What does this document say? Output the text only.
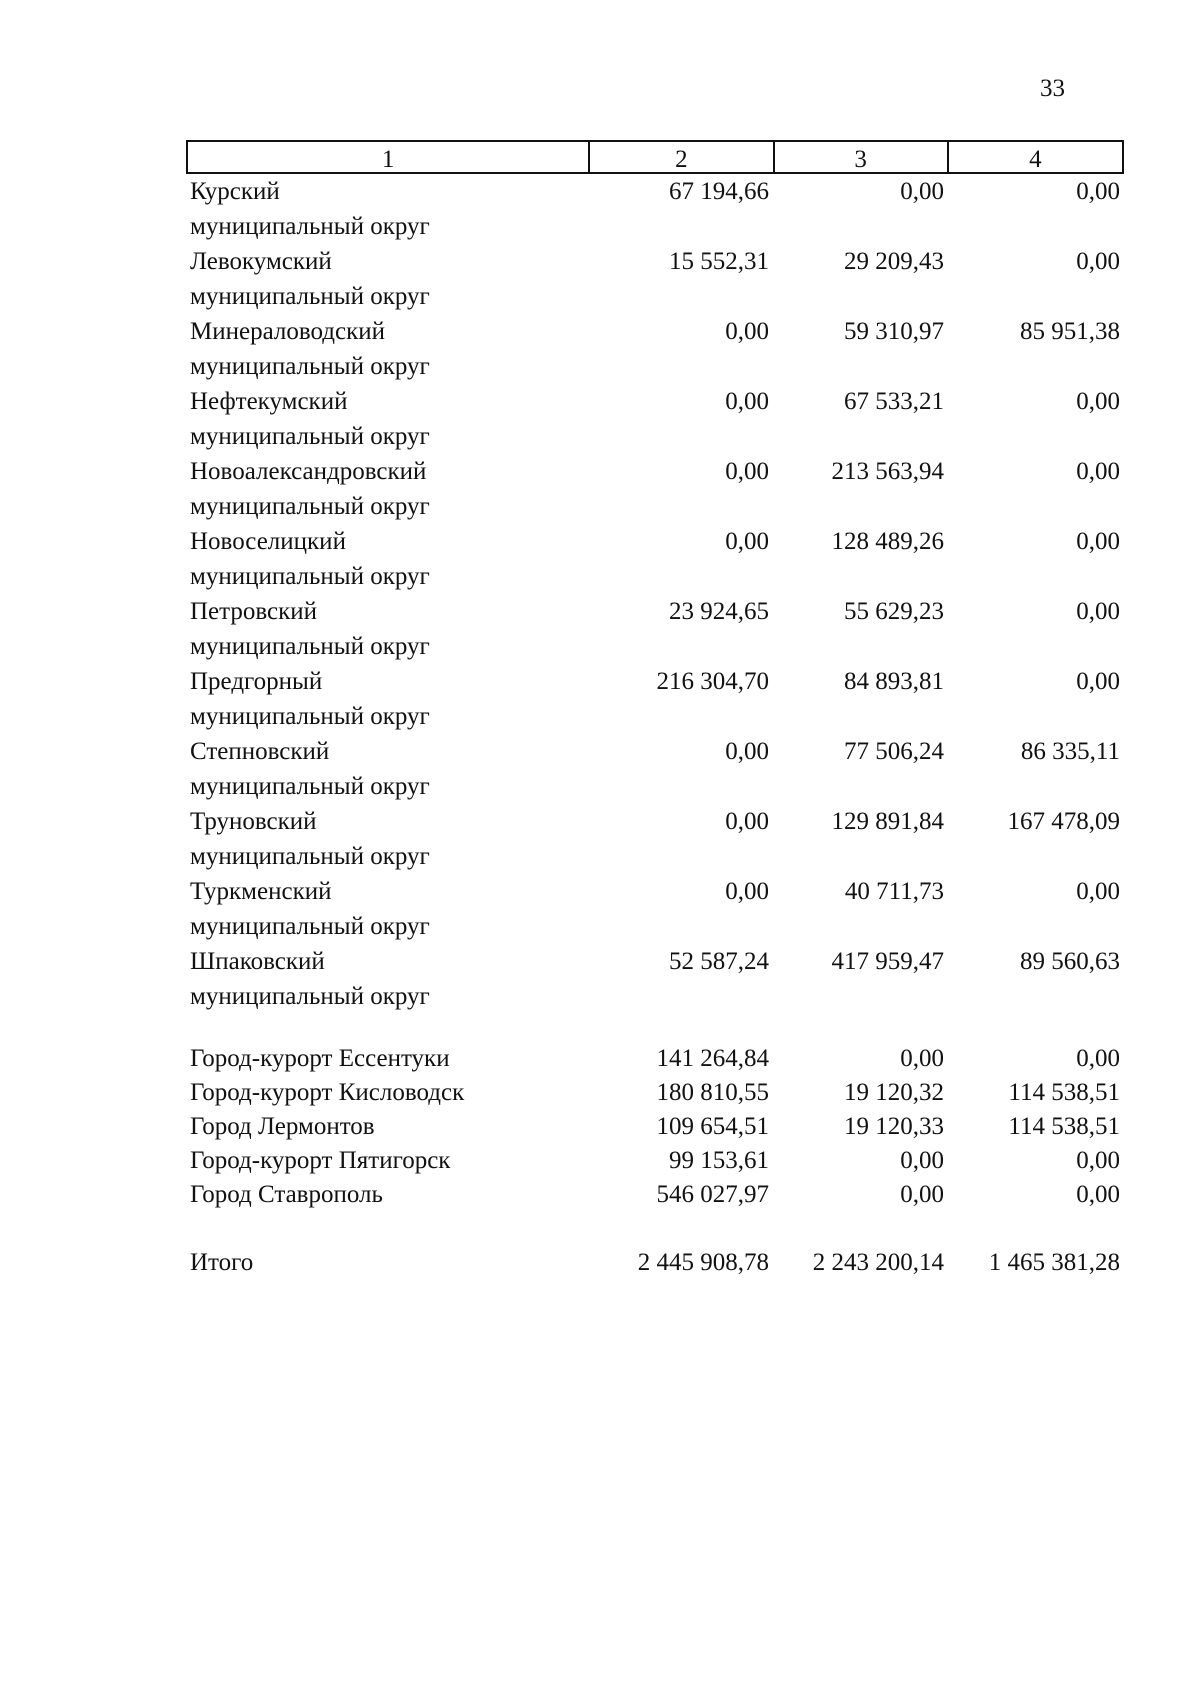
33
1	2	3	4
Курский
муниципальный округ
67 194,66	0,00	0,00
Левокумский
муниципальный округ
15 552,31	29 209,43	0,00
Минераловодский
муниципальный округ
0,00	59 310,97	85 951,38
Нефтекумский
муниципальный округ
0,00	67 533,21	0,00
Новоалександровский
муниципальный округ
0,00	213 563,94	0,00
Новоселицкий
муниципальный округ
0,00	128 489,26	0,00
Петровский
муниципальный округ
23 924,65	55 629,23	0,00
Предгорный
муниципальный округ
216 304,70	84 893,81	0,00
Степновский
муниципальный округ
0,00	77 506,24	86 335,11
Труновский
муниципальный округ
0,00	129 891,84	167 478,09
Туркменский
муниципальный округ
0,00	40 711,73	0,00
Шпаковский
муниципальный округ
52 587,24	417 959,47	89 560,63
Город-курорт Ессентуки	141 264,84	0,00	0,00
Город-курорт Кисловодск	180 810,55	19 120,32	114 538,51
Город Лермонтов	109 654,51	19 120,33	114 538,51
Город-курорт Пятигорск	99 153,61	0,00	0,00
Город Ставрополь	546 027,97	0,00	0,00
Итого	2 445 908,78	2 243 200,14	1 465 381,28
